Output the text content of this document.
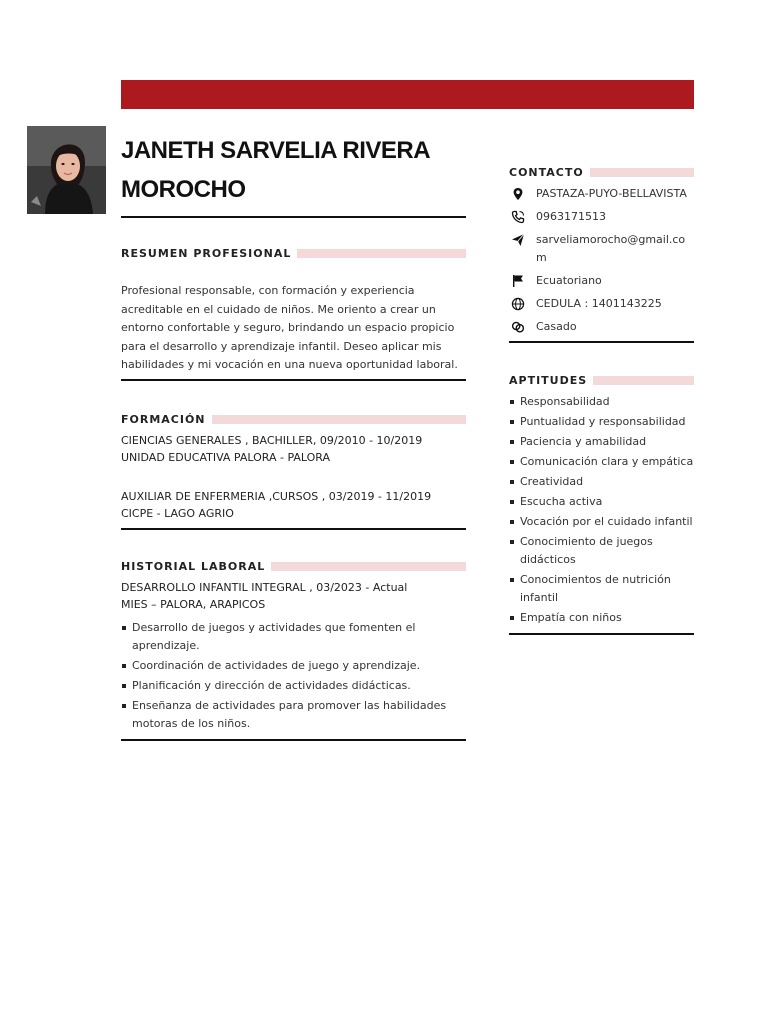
JANETH SARVELIA RIVERA
MOROCHO
RESUMEN PROFESIONAL
Profesional responsable, con formación y experiencia acreditable en el cuidado de niños. Me oriento a crear un entorno confortable y seguro, brindando un espacio propicio para el desarrollo y aprendizaje infantil. Deseo aplicar mis habilidades y mi vocación en una nueva oportunidad laboral.
FORMACIÓN
CIENCIAS GENERALES , BACHILLER, 09/2010 - 10/2019
UNIDAD EDUCATIVA PALORA - PALORA
AUXILIAR DE ENFERMERIA ,CURSOS , 03/2019 - 11/2019
CICPE - LAGO AGRIO
HISTORIAL LABORAL
DESARROLLO INFANTIL INTEGRAL , 03/2023 - Actual
MIES – PALORA, ARAPICOS
Desarrollo de juegos y actividades que fomenten el aprendizaje.
Coordinación de actividades de juego y aprendizaje.
Planificación y dirección de actividades didácticas.
Enseñanza de actividades para promover las habilidades motoras de los niños.
CONTACTO
PASTAZA-PUYO-BELLAVISTA
0963171513
sarveliamorocho@gmail.com
Ecuatoriano
CEDULA : 1401143225
Casado
APTITUDES
Responsabilidad
Puntualidad y responsabilidad
Paciencia y amabilidad
Comunicación clara y empática
Creatividad
Escucha activa
Vocación por el cuidado infantil
Conocimiento de juegos didácticos
Conocimientos de nutrición infantil
Empatía con niños
